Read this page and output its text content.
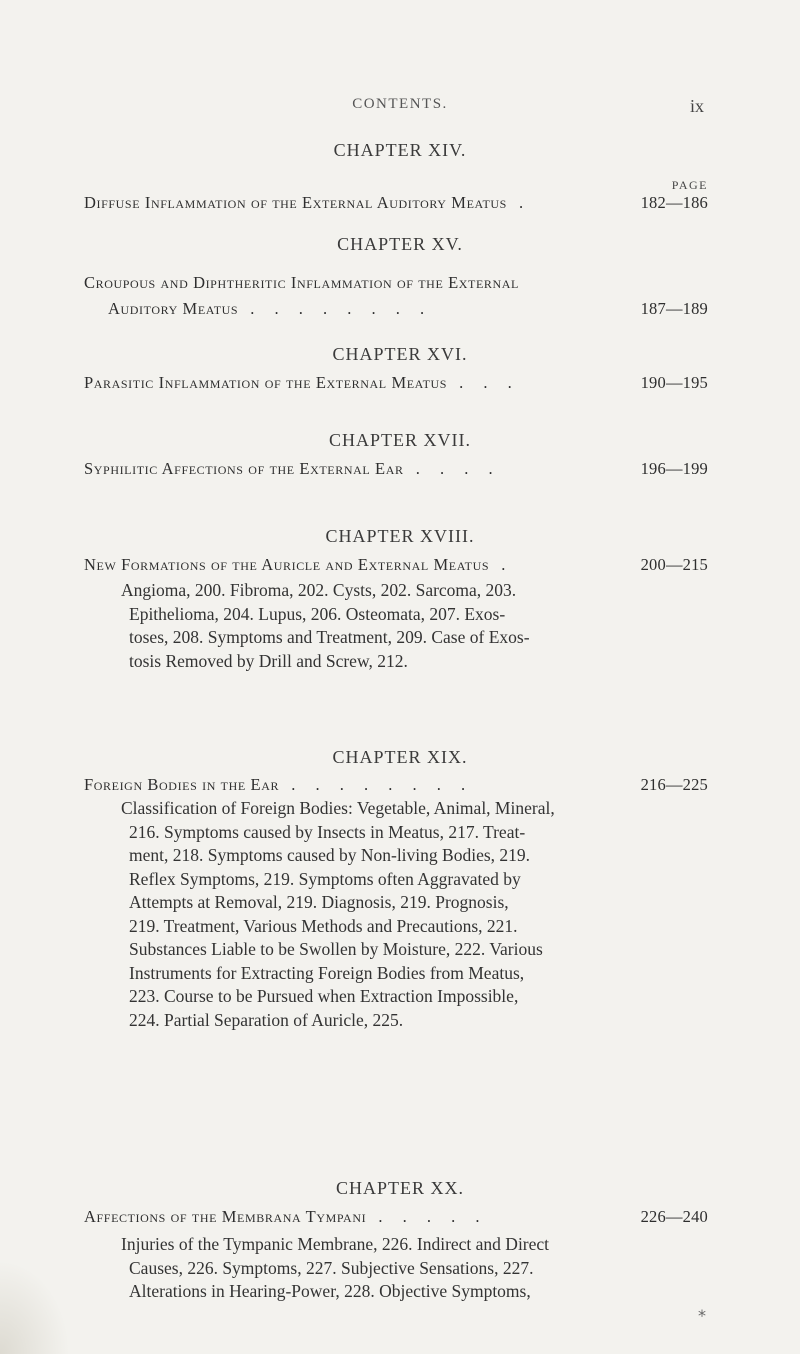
CONTENTS.	ix
CHAPTER XIV.
PAGE
Diffuse Inflammation of the External Auditory Meatus .	182—186
CHAPTER XV.
Croupous and Diphtheritic Inflammation of the External
Auditory Meatus . . . . . . . .	187—189
CHAPTER XVI.
Parasitic Inflammation of the External Meatus . . .	190—195
CHAPTER XVII.
Syphilitic Affections of the External Ear . . . .	196—199
CHAPTER XVIII.
New Formations of the Auricle and External Meatus .	200—215
Angioma, 200. Fibroma, 202. Cysts, 202. Sarcoma, 203.
Epithelioma, 204. Lupus, 206. Osteomata, 207. Exos-
toses, 208. Symptoms and Treatment, 209. Case of Exos-
tosis Removed by Drill and Screw, 212.
CHAPTER XIX.
Foreign Bodies in the Ear . . . . . . . .	216—225
Classification of Foreign Bodies: Vegetable, Animal, Mineral,
216. Symptoms caused by Insects in Meatus, 217. Treat-
ment, 218. Symptoms caused by Non-living Bodies, 219.
Reflex Symptoms, 219. Symptoms often Aggravated by
Attempts at Removal, 219. Diagnosis, 219. Prognosis,
219. Treatment, Various Methods and Precautions, 221.
Substances Liable to be Swollen by Moisture, 222. Various
Instruments for Extracting Foreign Bodies from Meatus,
223. Course to be Pursued when Extraction Impossible,
224. Partial Separation of Auricle, 225.
CHAPTER XX.
Affections of the Membrana Tympani . . . . .	226—240
Injuries of the Tympanic Membrane, 226. Indirect and Direct
Causes, 226. Symptoms, 227. Subjective Sensations, 227.
Alterations in Hearing-Power, 228. Objective Symptoms,
*
